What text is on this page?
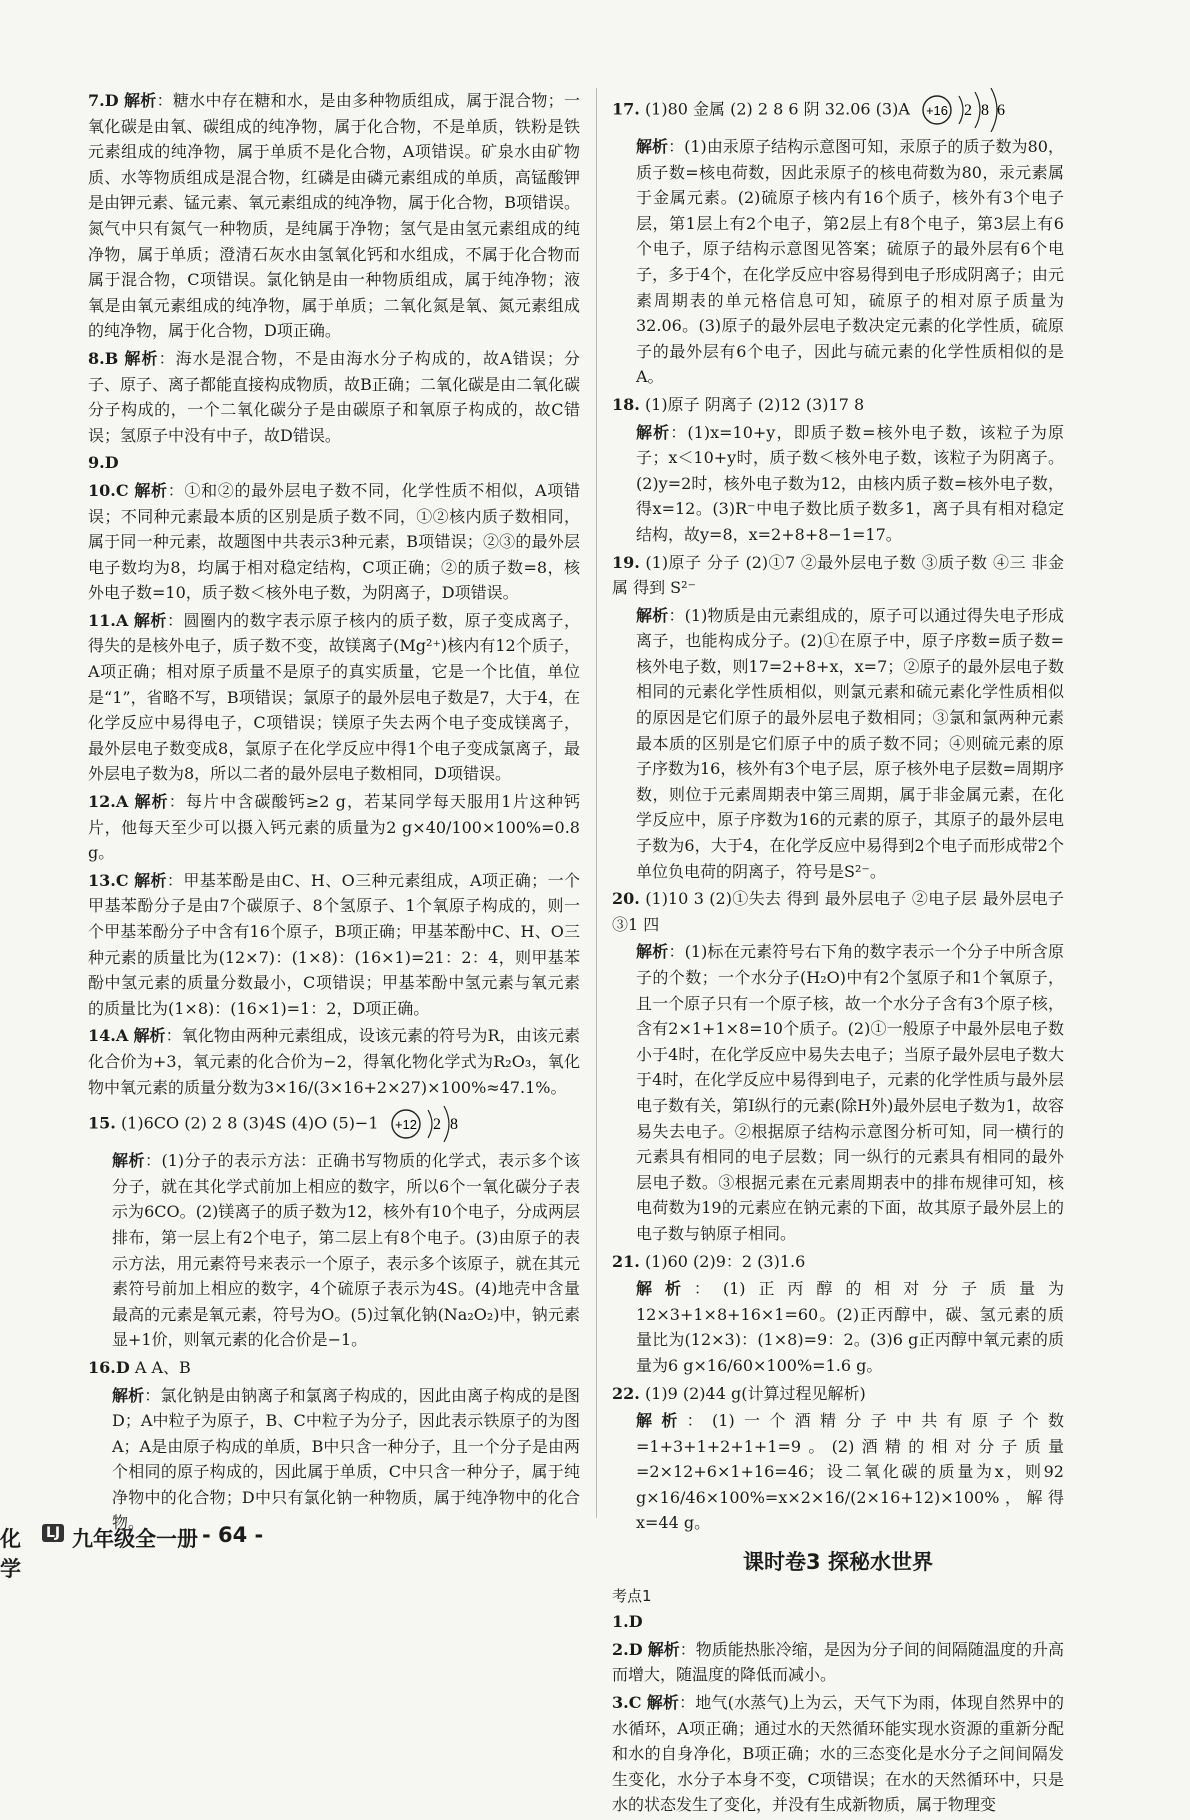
7.D 解析：糖水中存在糖和水，是由多种物质组成，属于混合物；一氧化碳是由氧、碳组成的纯净物，属于化合物，不是单质，铁粉是铁元素组成的纯净物，属于单质不是化合物，A项错误。矿泉水由矿物质、水等物质组成是混合物，红磷是由磷元素组成的单质，高锰酸钾是由钾元素、锰元素、氧元素组成的纯净物，属于化合物，B项错误。氮气中只有氮气一种物质，是纯属于净物；氢气是由氢元素组成的纯净物，属于单质；澄清石灰水由氢氧化钙和水组成，不属于化合物而属于混合物，C项错误。氯化钠是由一种物质组成，属于纯净物；液氧是由氧元素组成的纯净物，属于单质；二氧化氮是氧、氮元素组成的纯净物，属于化合物，D项正确。
8.B 解析：海水是混合物，不是由海水分子构成的，故A错误；分子、原子、离子都能直接构成物质，故B正确；二氧化碳是由二氧化碳分子构成的，一个二氧化碳分子是由碳原子和氧原子构成的，故C错误；氢原子中没有中子，故D错误。
9.D
10.C 解析：①和②的最外层电子数不同，化学性质不相似，A项错误；不同种元素最本质的区别是质子数不同，①②核内质子数相同，属于同一种元素，故题图中共表示3种元素，B项错误；②③的最外层电子数均为8，均属于相对稳定结构，C项正确；②的质子数=8，核外电子数=10，质子数＜核外电子数，为阴离子，D项错误。
11.A 解析：圆圈内的数字表示原子核内的质子数，原子变成离子，得失的是核外电子，质子数不变，故镁离子(Mg²⁺)核内有12个质子，A项正确；相对原子质量不是原子的真实质量，它是一个比值，单位是“1”，省略不写，B项错误；氯原子的最外层电子数是7，大于4，在化学反应中易得电子，C项错误；镁原子失去两个电子变成镁离子，最外层电子数变成8，氯原子在化学反应中得1个电子变成氯离子，最外层电子数为8，所以二者的最外层电子数相同，D项错误。
12.A 解析：每片中含碳酸钙≥2 g，若某同学每天服用1片这种钙片，他每天至少可以摄入钙元素的质量为2 g×40/100×100%=0.8 g。
13.C 解析：甲基苯酚是由C、H、O三种元素组成，A项正确；一个甲基苯酚分子是由7个碳原子、8个氢原子、1个氧原子构成的，则一个甲基苯酚分子中含有16个原子，B项正确；甲基苯酚中C、H、O三种元素的质量比为(12×7)：(1×8)：(16×1)=21：2：4，则甲基苯酚中氢元素的质量分数最小，C项错误；甲基苯酚中氢元素与氧元素的质量比为(1×8)：(16×1)=1：2，D项正确。
14.A 解析：氧化物由两种元素组成，设该元素的符号为R，由该元素化合价为+3，氧元素的化合价为−2，得氧化物化学式为R₂O₃，氧化物中氧元素的质量分数为3×16/(3×16+2×27)×100%≈47.1%。
15. (1)6CO (2) 2 8 (3)4S (4)O (5)−1 +12 2 8
解析：(1)分子的表示方法：正确书写物质的化学式，表示多个该分子，就在其化学式前加上相应的数字，所以6个一氧化碳分子表示为6CO。(2)镁离子的质子数为12，核外有10个电子，分成两层排布，第一层上有2个电子，第二层上有8个电子。(3)由原子的表示方法，用元素符号来表示一个原子，表示多个该原子，就在其元素符号前加上相应的数字，4个硫原子表示为4S。(4)地壳中含量最高的元素是氧元素，符号为O。(5)过氧化钠(Na₂O₂)中，钠元素显+1价，则氧元素的化合价是−1。
16.D A A、B
解析：氯化钠是由钠离子和氯离子构成的，因此由离子构成的是图D；A中粒子为原子，B、C中粒子为分子，因此表示铁原子的为图A；A是由原子构成的单质，B中只含一种分子，且一个分子是由两个相同的原子构成的，因此属于单质，C中只含一种分子，属于纯净物中的化合物；D中只有氯化钠一种物质，属于纯净物中的化合物。
17. (1)80 金属 (2) 2 8 6 阴 32.06 (3)A +16 2 8 6
解析：(1)由汞原子结构示意图可知，汞原子的质子数为80，质子数=核电荷数，因此汞原子的核电荷数为80，汞元素属于金属元素。(2)硫原子核内有16个质子，核外有3个电子层，第1层上有2个电子，第2层上有8个电子，第3层上有6个电子，原子结构示意图见答案；硫原子的最外层有6个电子，多于4个，在化学反应中容易得到电子形成阴离子；由元素周期表的单元格信息可知，硫原子的相对原子质量为32.06。(3)原子的最外层电子数决定元素的化学性质，硫原子的最外层有6个电子，因此与硫元素的化学性质相似的是A。
18. (1)原子 阴离子 (2)12 (3)17 8
解析：(1)x=10+y，即质子数=核外电子数，该粒子为原子；x＜10+y时，质子数＜核外电子数，该粒子为阴离子。(2)y=2时，核外电子数为12，由核内质子数=核外电子数，得x=12。(3)R⁻中电子数比质子数多1，离子具有相对稳定结构，故y=8，x=2+8+8−1=17。
19. (1)原子 分子 (2)①7 ②最外层电子数 ③质子数 ④三 非金属 得到 S²⁻
解析：(1)物质是由元素组成的，原子可以通过得失电子形成离子，也能构成分子。(2)①在原子中，原子序数=质子数=核外电子数，则17=2+8+x，x=7；②原子的最外层电子数相同的元素化学性质相似，则氯元素和硫元素化学性质相似的原因是它们原子的最外层电子数相同；③氯和氯两种元素最本质的区别是它们原子中的质子数不同；④则硫元素的原子序数为16，核外有3个电子层，原子核外电子层数=周期序数，则位于元素周期表中第三周期，属于非金属元素，在化学反应中，原子序数为16的元素的原子，其原子的最外层电子数为6，大于4，在化学反应中易得到2个电子而形成带2个单位负电荷的阴离子，符号是S²⁻。
20. (1)10 3 (2)①失去 得到 最外层电子 ②电子层 最外层电子 ③1 四
解析：(1)标在元素符号右下角的数字表示一个分子中所含原子的个数；一个水分子(H₂O)中有2个氢原子和1个氧原子，且一个原子只有一个原子核，故一个水分子含有3个原子核，含有2×1+1×8=10个质子。(2)①一般原子中最外层电子数小于4时，在化学反应中易失去电子；当原子最外层电子数大于4时，在化学反应中易得到电子，元素的化学性质与最外层电子数有关，第Ⅰ纵行的元素(除H外)最外层电子数为1，故容易失去电子。②根据原子结构示意图分析可知，同一横行的元素具有相同的电子层数；同一纵行的元素具有相同的最外层电子数。③根据元素在元素周期表中的排布规律可知，核电荷数为19的元素应在钠元素的下面，故其原子最外层上的电子数与钠原子相同。
21. (1)60 (2)9：2 (3)1.6
解析：(1)正丙醇的相对分子质量为12×3+1×8+16×1=60。(2)正丙醇中，碳、氢元素的质量比为(12×3)：(1×8)=9：2。(3)6 g正丙醇中氧元素的质量为6 g×16/60×100%=1.6 g。
22. (1)9 (2)44 g(计算过程见解析)
解析：(1)一个酒精分子中共有原子个数=1+3+1+2+1+1=9。(2)酒精的相对分子质量=2×12+6×1+16=46；设二氧化碳的质量为x，则92 g×16/46×100%=x×2×16/(2×16+12)×100%，解得x=44 g。
课时卷3 探秘水世界
考点1
1.D
2.D 解析：物质能热胀冷缩，是因为分子间的间隔随温度的升高而增大，随温度的降低而减小。
3.C 解析：地气(水蒸气)上为云，天气下为雨，体现自然界中的水循环，A项正确；通过水的天然循环能实现水资源的重新分配和水的自身净化，B项正确；水的三态变化是水分子之间间隔发生变化，水分子本身不变，C项错误；在水的天然循环中，只是水的状态发生了变化，并没有生成新物质，属于物理变
化学
LJ 九年级全一册 - 64 -
